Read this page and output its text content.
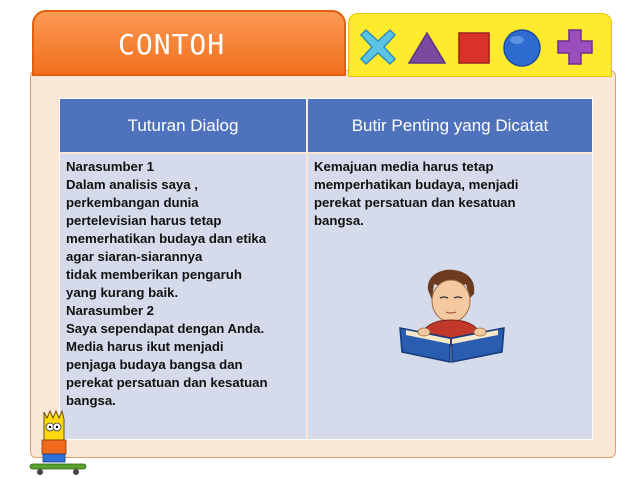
CONTOH
Tuturan Dialog	Butir Penting yang Dicatat
Narasumber 1
Dalam analisis saya ,
perkembangan dunia
pertelevisian harus tetap
memerhatikan budaya dan etika
agar siaran-siarannya
tidak memberikan pengaruh
yang kurang baik.
Narasumber 2
Saya sependapat dengan Anda.
Media harus ikut menjadi
penjaga budaya bangsa dan
perekat persatuan dan kesatuan
bangsa.
Kemajuan media harus tetap
memperhatikan budaya, menjadi
perekat persatuan dan kesatuan
bangsa.
